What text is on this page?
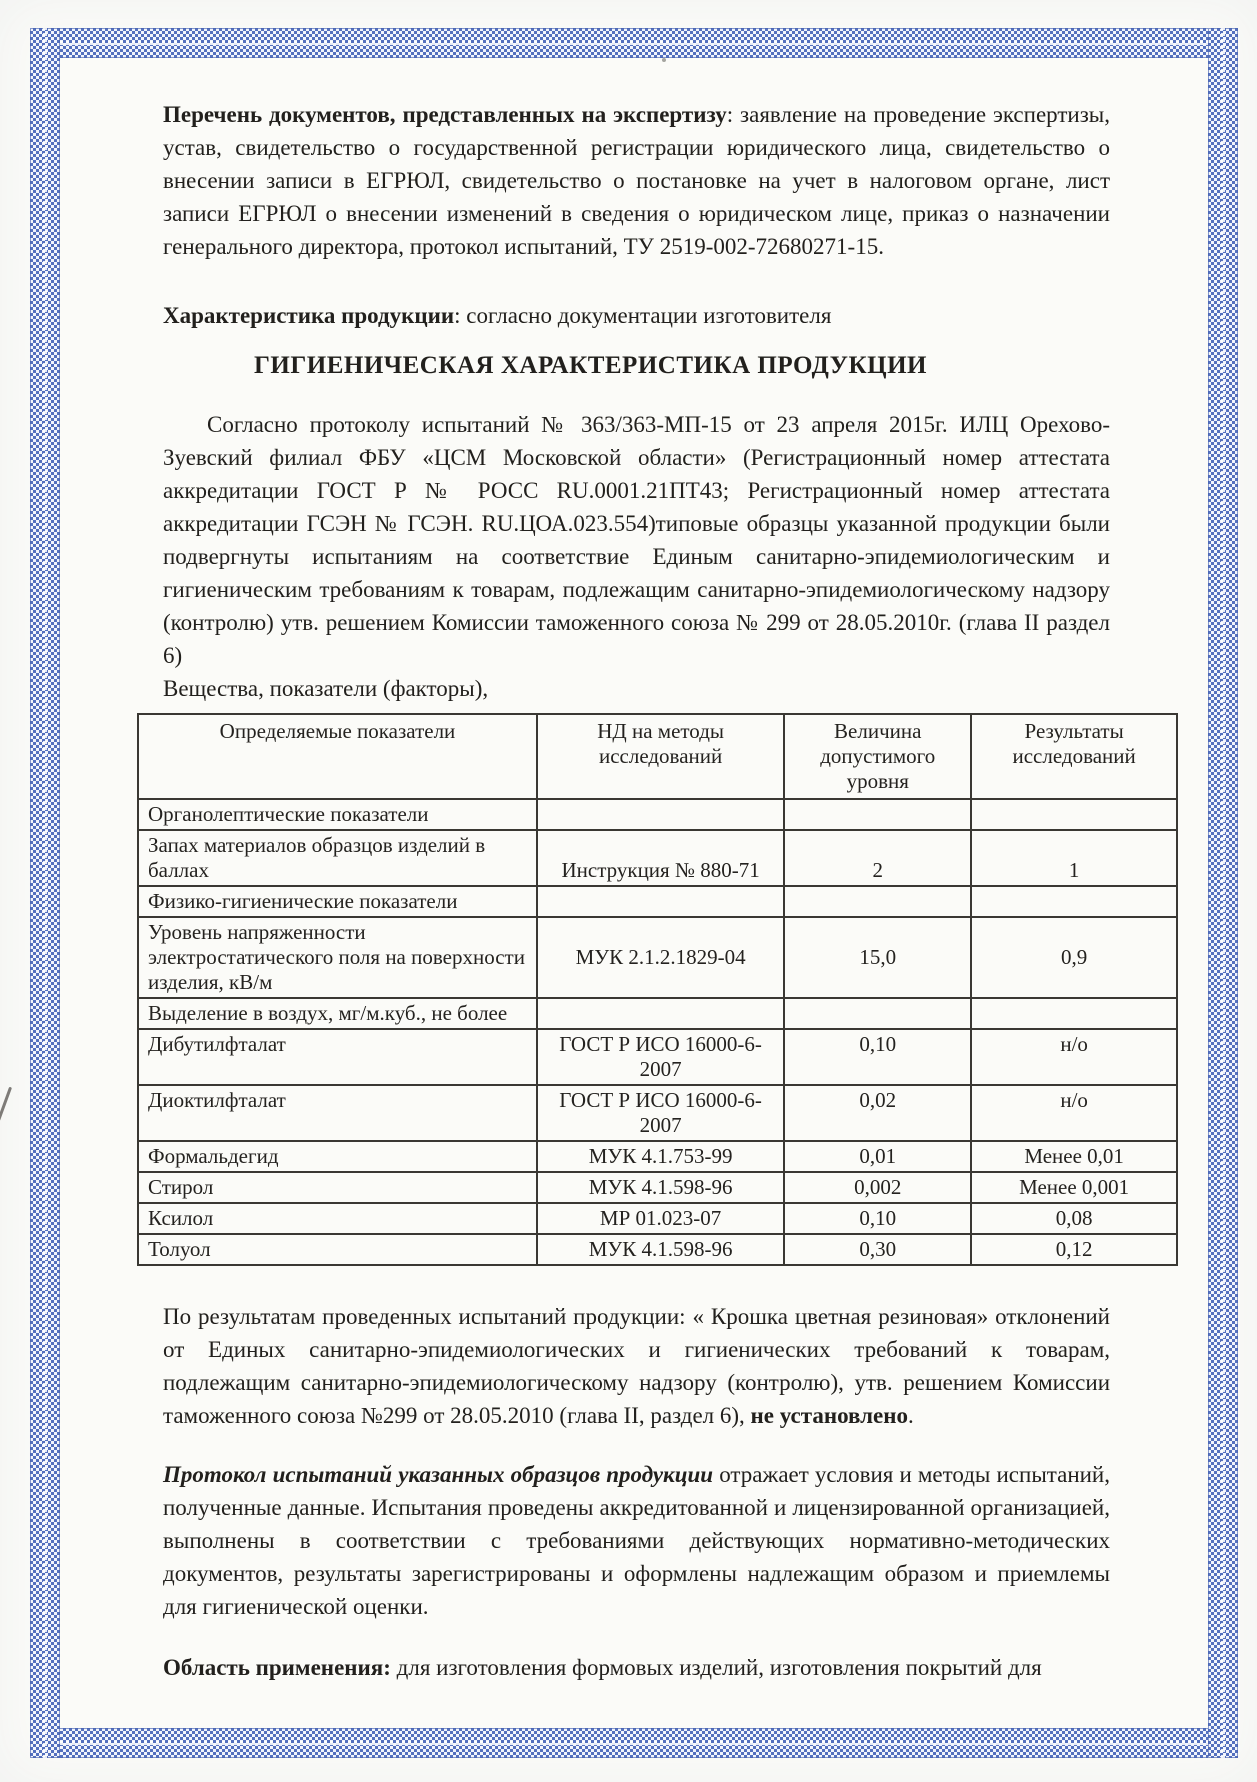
Перечень документов, представленных на экспертизу: заявление на проведение экспертизы, устав, свидетельство о государственной регистрации юридического лица, свидетельство о внесении записи в ЕГРЮЛ, свидетельство о постановке на учет в налоговом органе, лист записи ЕГРЮЛ о внесении изменений в сведения о юридическом лице, приказ о назначении генерального директора, протокол испытаний, ТУ 2519-002-72680271-15.

Характеристика продукции: согласно документации изготовителя

ГИГИЕНИЧЕСКАЯ ХАРАКТЕРИСТИКА ПРОДУКЦИИ

Согласно протоколу испытаний № 363/363-МП-15 от 23 апреля 2015г. ИЛЦ Орехово-Зуевский филиал ФБУ «ЦСМ Московской области» (Регистрационный номер аттестата аккредитации ГОСТ Р № РОСС RU.0001.21ПТ43; Регистрационный номер аттестата аккредитации ГСЭН № ГСЭН. RU.ЦОА.023.554)типовые образцы указанной продукции были подвергнуты испытаниям на соответствие Единым санитарно-эпидемиологическим и гигиеническим требованиям к товарам, подлежащим санитарно-эпидемиологическому надзору (контролю) утв. решением Комиссии таможенного союза № 299 от 28.05.2010г. (глава II раздел 6)

Вещества, показатели (факторы),

Определяемые показатели	НД на методы исследований	Величина допустимого уровня	Результаты исследований
Органолептические показатели			
Запах материалов образцов изделий в баллах	Инструкция № 880-71	2	1
Физико-гигиенические показатели			
Уровень напряженности электростатического поля на поверхности изделия, кВ/м	МУК 2.1.2.1829-04	15,0	0,9
Выделение в воздух, мг/м.куб., не более			
Дибутилфталат	ГОСТ Р ИСО 16000-6-2007	0,10	н/о
Диоктилфталат	ГОСТ Р ИСО 16000-6-2007	0,02	н/о
Формальдегид	МУК 4.1.753-99	0,01	Менее 0,01
Стирол	МУК 4.1.598-96	0,002	Менее 0,001
Ксилол	МР 01.023-07	0,10	0,08
Толуол	МУК 4.1.598-96	0,30	0,12

По результатам проведенных испытаний продукции: « Крошка цветная резиновая» отклонений от Единых санитарно-эпидемиологических и гигиенических требований к товарам, подлежащим санитарно-эпидемиологическому надзору (контролю), утв. решением Комиссии таможенного союза №299 от 28.05.2010 (глава II, раздел 6), не установлено.

Протокол испытаний указанных образцов продукции отражает условия и методы испытаний, полученные данные. Испытания проведены аккредитованной и лицензированной организацией, выполнены в соответствии с требованиями действующих нормативно-методических документов, результаты зарегистрированы и оформлены надлежащим образом и приемлемы для гигиенической оценки.

Область применения: для изготовления формовых изделий, изготовления покрытий для
